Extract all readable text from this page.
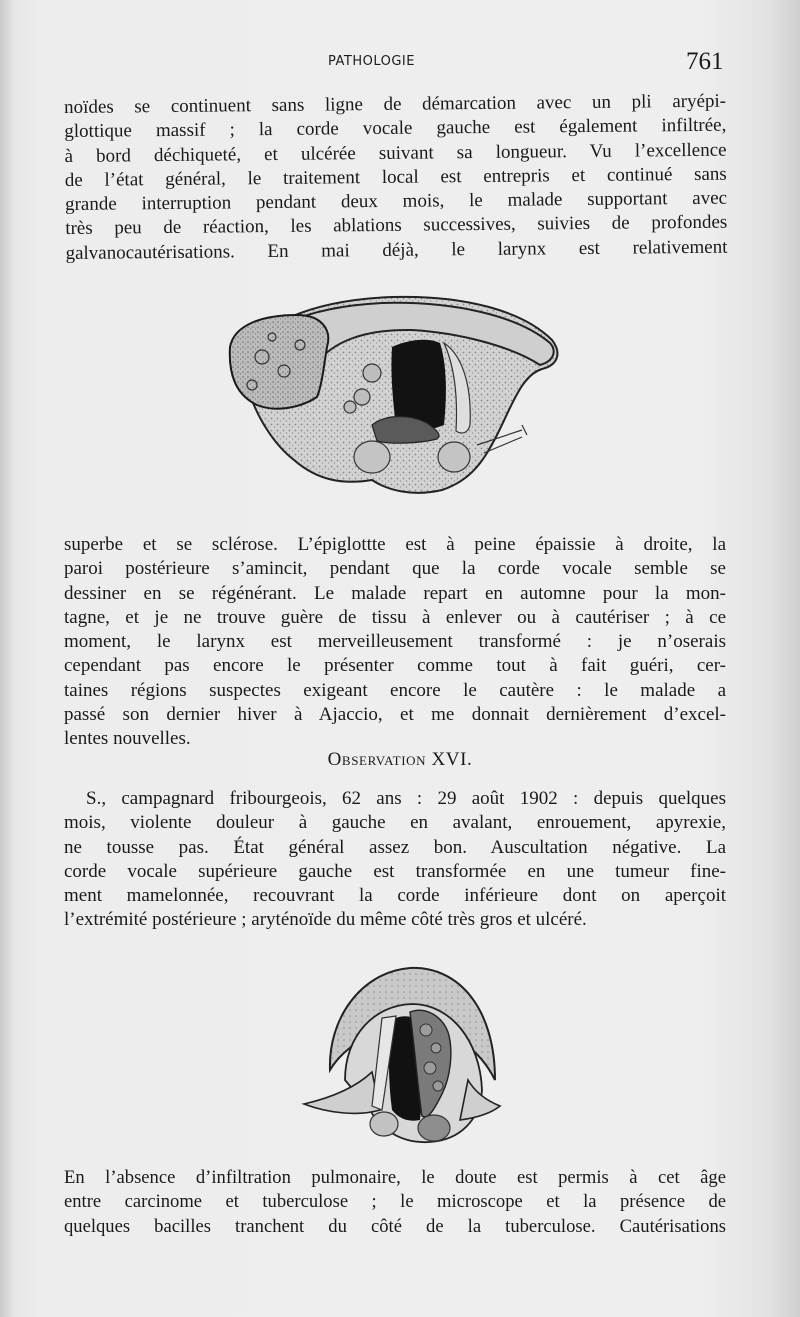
PATHOLOGIE	761

noïdes se continuent sans ligne de démarcation avec un pli aryépi-
glottique massif ; la corde vocale gauche est également infiltrée,
à bord déchiqueté, et ulcérée suivant sa longueur. Vu l’excellence
de l’état général, le traitement local est entrepris et continué sans
grande interruption pendant deux mois, le malade supportant avec
très peu de réaction, les ablations successives, suivies de profondes
galvanocautérisations. En mai déjà, le larynx est relativement

superbe et se sclérose. L’épiglottte est à peine épaissie à droite, la
paroi postérieure s’amincit, pendant que la corde vocale semble se
dessiner en se régénérant. Le malade repart en automne pour la mon-
tagne, et je ne trouve guère de tissu à enlever ou à cautériser ; à ce
moment, le larynx est merveilleusement transformé : je n’oserais
cependant pas encore le présenter comme tout à fait guéri, cer-
taines régions suspectes exigeant encore le cautère : le malade a
passé son dernier hiver à Ajaccio, et me donnait dernièrement d’excel-
lentes nouvelles.

Observation XVI.

S., campagnard fribourgeois, 62 ans : 29 août 1902 : depuis quelques
mois, violente douleur à gauche en avalant, enrouement, apyrexie,
ne tousse pas. État général assez bon. Auscultation négative. La
corde vocale supérieure gauche est transformée en une tumeur fine-
ment mamelonnée, recouvrant la corde inférieure dont on aperçoit
l’extrémité postérieure ; aryténoïde du même côté très gros et ulcéré.

En l’absence d’infiltration pulmonaire, le doute est permis à cet âge
entre carcinome et tuberculose ; le microscope et la présence de
quelques bacilles tranchent du côté de la tuberculose. Cautérisations
